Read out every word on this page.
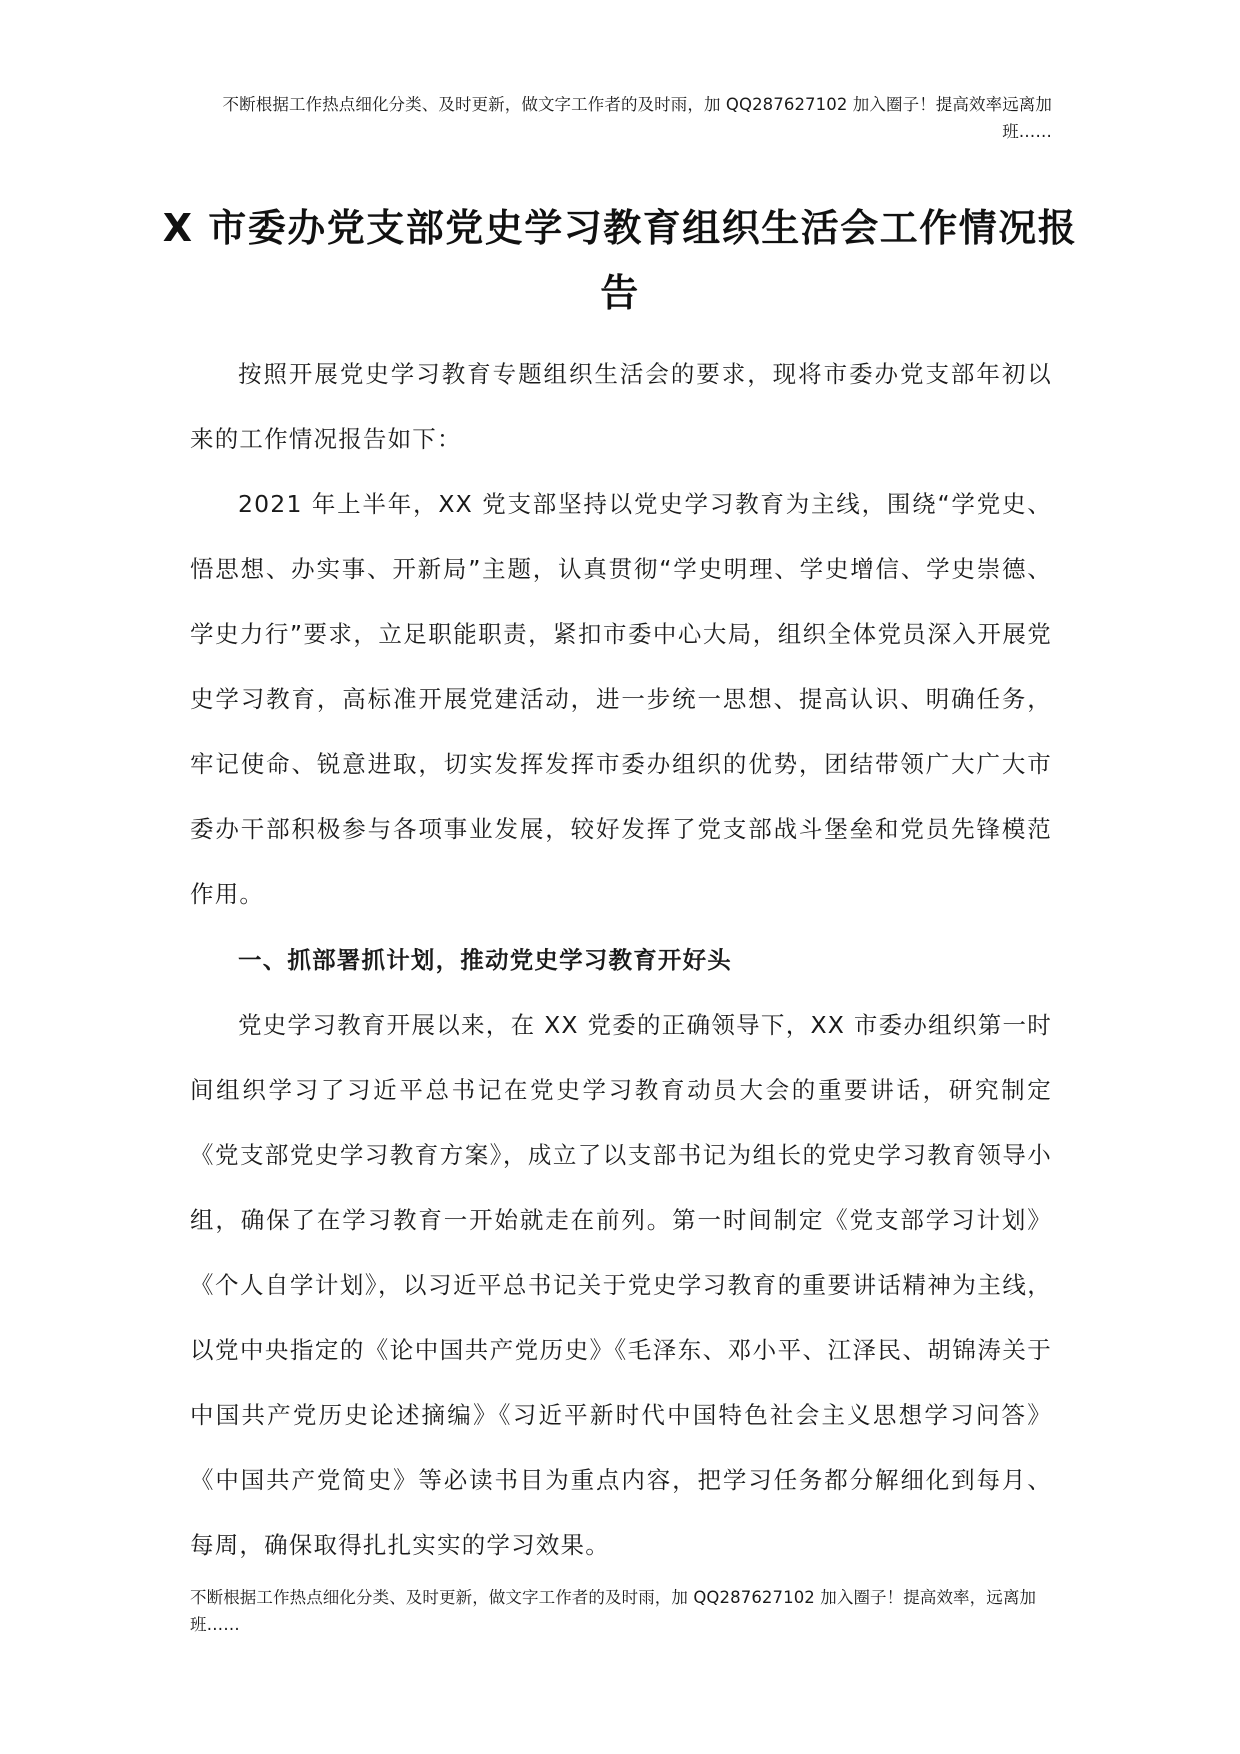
不断根据工作热点细化分类、及时更新，做文字工作者的及时雨，加 QQ287627102 加入圈子！提高效率远离加班……
X 市委办党支部党史学习教育组织生活会工作情况报告

按照开展党史学习教育专题组织生活会的要求，现将市委办党支部年初以来的工作情况报告如下：

2021 年上半年，XX 党支部坚持以党史学习教育为主线，围绕“学党史、悟思想、办实事、开新局”主题，认真贯彻“学史明理、学史增信、学史崇德、学史力行”要求，立足职能职责，紧扣市委中心大局，组织全体党员深入开展党史学习教育，高标准开展党建活动，进一步统一思想、提高认识、明确任务，牢记使命、锐意进取，切实发挥发挥市委办组织的优势，团结带领广大广大市委办干部积极参与各项事业发展，较好发挥了党支部战斗堡垒和党员先锋模范作用。

一、抓部署抓计划，推动党史学习教育开好头

党史学习教育开展以来，在 XX 党委的正确领导下，XX 市委办组织第一时间组织学习了习近平总书记在党史学习教育动员大会的重要讲话，研究制定《党支部党史学习教育方案》，成立了以支部书记为组长的党史学习教育领导小组，确保了在学习教育一开始就走在前列。第一时间制定《党支部学习计划》《个人自学计划》，以习近平总书记关于党史学习教育的重要讲话精神为主线，以党中央指定的《论中国共产党历史》《毛泽东、邓小平、江泽民、胡锦涛关于中国共产党历史论述摘编》《习近平新时代中国特色社会主义思想学习问答》《中国共产党简史》等必读书目为重点内容，把学习任务都分解细化到每月、每周，确保取得扎扎实实的学习效果。

不断根据工作热点细化分类、及时更新，做文字工作者的及时雨，加 QQ287627102 加入圈子！提高效率，远离加班……
